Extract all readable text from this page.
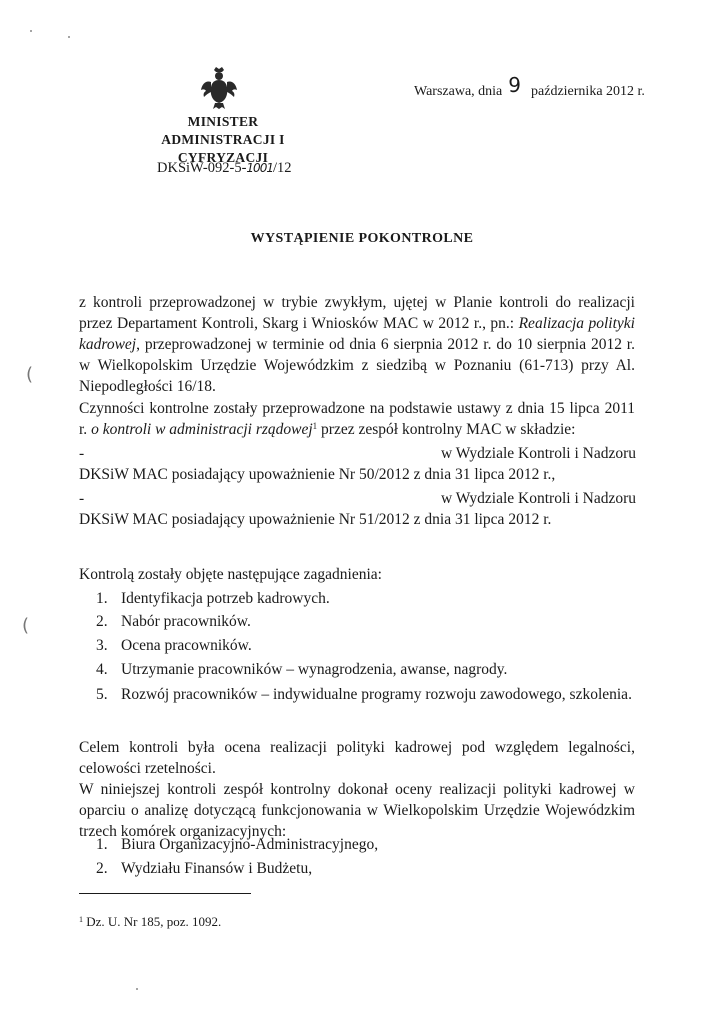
Warszawa, dnia 9 października 2012 r.
MINISTER
ADMINISTRACJI I CYFRYZACJI
DKSiW-092-5-1001/12
WYSTĄPIENIE POKONTROLNE

z kontroli przeprowadzonej w trybie zwykłym, ujętej w Planie kontroli do realizacji przez Departament Kontroli, Skarg i Wniosków MAC w 2012 r., pn.: Realizacja polityki kadrowej, przeprowadzonej w terminie od dnia 6 sierpnia 2012 r. do 10 sierpnia 2012 r. w Wielkopolskim Urzędzie Wojewódzkim z siedzibą w Poznaniu (61-713) przy Al. Niepodległości 16/18.

Czynności kontrolne zostały przeprowadzone na podstawie ustawy z dnia 15 lipca 2011 r. o kontroli w administracji rządowej$^1$ przez zespół kontrolny MAC w składzie:

-	w Wydziale Kontroli i Nadzoru
DKSiW MAC posiadający upoważnienie Nr 50/2012 z dnia 31 lipca 2012 r.,
-	w Wydziale Kontroli i Nadzoru
DKSiW MAC posiadający upoważnienie Nr 51/2012 z dnia 31 lipca 2012 r.
Kontrolą zostały objęte następujące zagadnienia:
1. Identyfikacja potrzeb kadrowych.
2. Nabór pracowników.
3. Ocena pracowników.
4. Utrzymanie pracowników – wynagrodzenia, awanse, nagrody.
5. Rozwój pracowników – indywidualne programy rozwoju zawodowego, szkolenia.

Celem kontroli była ocena realizacji polityki kadrowej pod względem legalności, celowości rzetelności.

W niniejszej kontroli zespół kontrolny dokonał oceny realizacji polityki kadrowej w oparciu o analizę dotyczącą funkcjonowania w Wielkopolskim Urzędzie Wojewódzkim trzech komórek organizacyjnych:

1. Biura Organizacyjno-Administracyjnego,
2. Wydziału Finansów i Budżetu,
$^1$ Dz. U. Nr 185, poz. 1092.
(
(
